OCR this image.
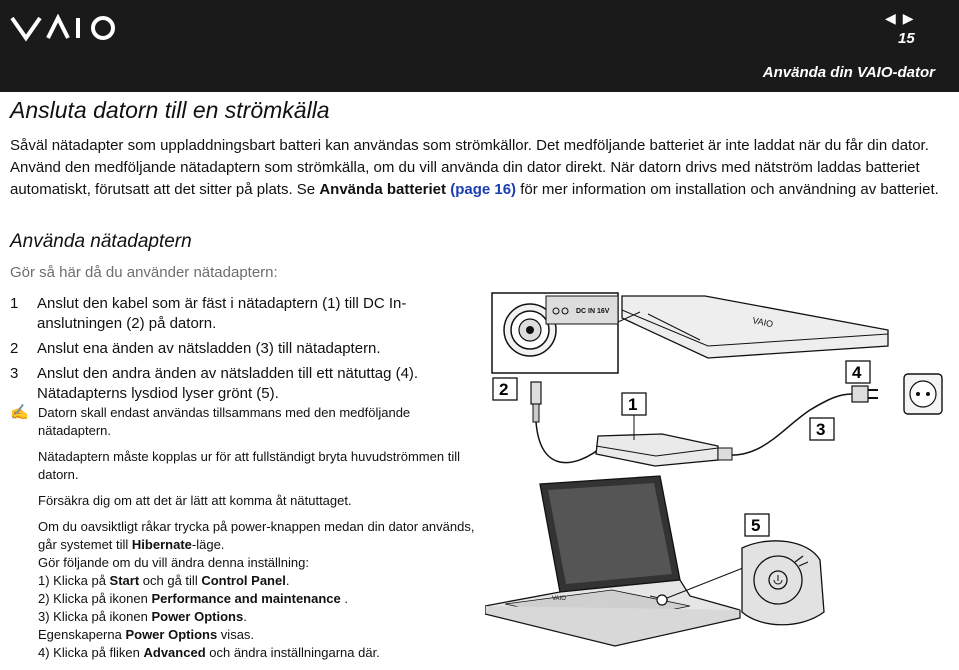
◀ ▶
15
Använda din VAIO-dator
Ansluta datorn till en strömkälla

Såväl nätadapter som uppladdningsbart batteri kan användas som strömkällor. Det medföljande batteriet är inte laddat när du får din dator. Använd den medföljande nätadaptern som strömkälla, om du vill använda din dator direkt. När datorn drivs med nätström laddas batteriet automatiskt, förutsatt att det sitter på plats. Se Använda batteriet (page 16) för mer information om installation och användning av batteriet.

Använda nätadaptern

Gör så här då du använder nätadaptern:

1 Anslut den kabel som är fäst i nätadaptern (1) till DC In-anslutningen (2) på datorn.
2 Anslut ena änden av nätsladden (3) till nätadaptern.
3 Anslut den andra änden av nätsladden till ett nätuttag (4). Nätadapterns lysdiod lyser grönt (5).
✍ Datorn skall endast användas tillsammans med den medföljande nätadaptern.

Nätadaptern måste kopplas ur för att fullständigt bryta huvudströmmen till datorn.

Försäkra dig om att det är lätt att komma åt nätuttaget.

Om du oavsiktligt råkar trycka på power-knappen medan din dator används, går systemet till Hibernate-läge.
Gör följande om du vill ändra denna inställning:
1) Klicka på Start och gå till Control Panel.
2) Klicka på ikonen Performance and maintenance .
3) Klicka på ikonen Power Options.
Egenskaperna Power Options visas.
4) Klicka på fliken Advanced och ändra inställningarna där.

DC IN 16V
VAIO
2
1
3
4
VAIO
5
